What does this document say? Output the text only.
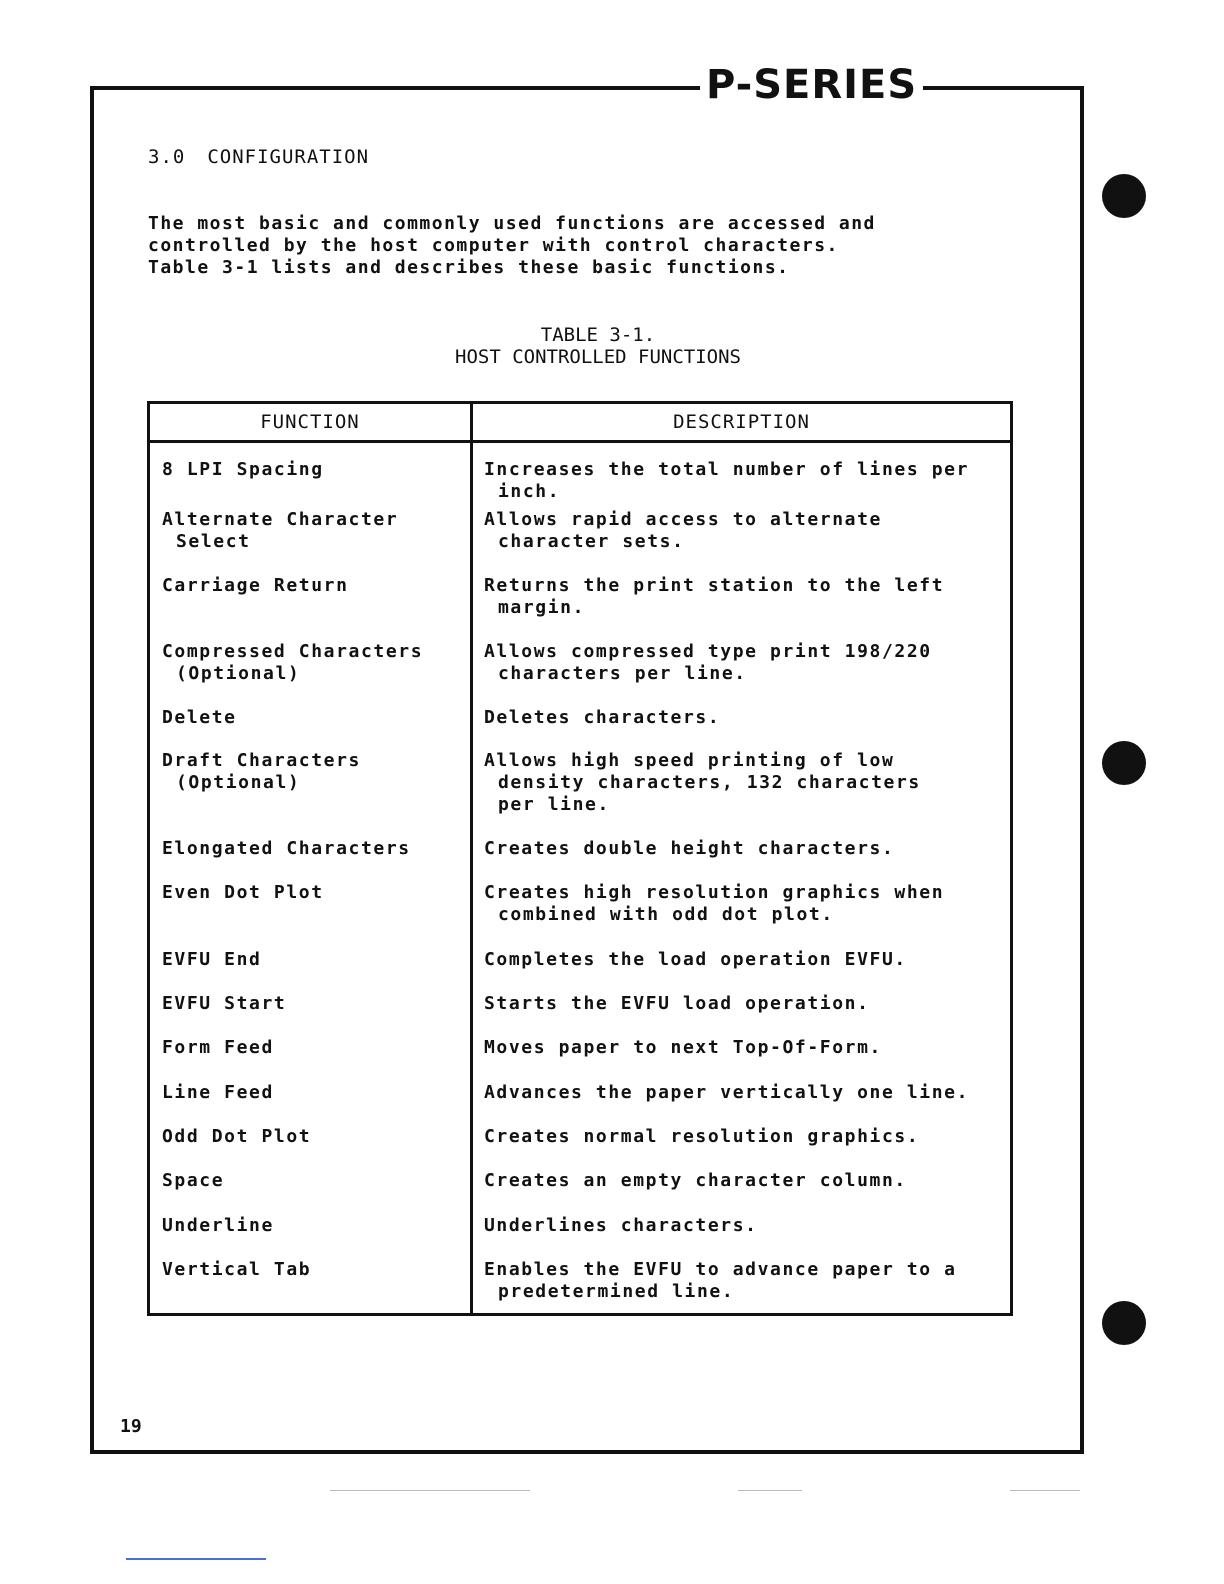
P-SERIES
3.0 CONFIGURATION
The most basic and commonly used functions are accessed and
controlled by the host computer with control characters.
Table 3-1 lists and describes these basic functions.
TABLE 3-1.
HOST CONTROLLED FUNCTIONS
FUNCTION	DESCRIPTION

8 LPI Spacing	Increases the total number of lines per
inch.

Alternate Character
Select	Allows rapid access to alternate
character sets.

Carriage Return	Returns the print station to the left
margin.

Compressed Characters
(Optional)	Allows compressed type print 198/220
characters per line.

Delete	Deletes characters.

Draft Characters
(Optional)	Allows high speed printing of low
density characters, 132 characters
per line.

Elongated Characters	Creates double height characters.

Even Dot Plot	Creates high resolution graphics when
combined with odd dot plot.

EVFU End	Completes the load operation EVFU.

EVFU Start	Starts the EVFU load operation.

Form Feed	Moves paper to next Top-Of-Form.

Line Feed	Advances the paper vertically one line.

Odd Dot Plot	Creates normal resolution graphics.

Space	Creates an empty character column.

Underline	Underlines characters.

Vertical Tab	Enables the EVFU to advance paper to a
predetermined line.
19
